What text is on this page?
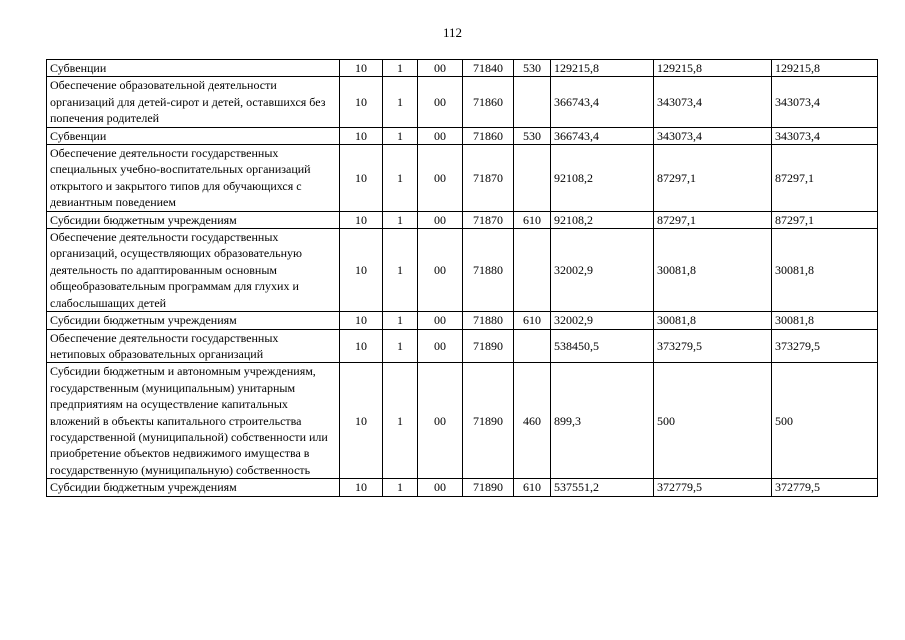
112
Субвенции	10	1	00	71840	530	129215,8	129215,8	129215,8
Обеспечение образовательной деятельности организаций для детей-сирот и детей, оставшихся без попечения родителей	10	1	00	71860		366743,4	343073,4	343073,4
Субвенции	10	1	00	71860	530	366743,4	343073,4	343073,4
Обеспечение деятельности государственных специальных учебно-воспитательных организаций открытого и закрытого типов для обучающихся с девиантным поведением	10	1	00	71870		92108,2	87297,1	87297,1
Субсидии бюджетным учреждениям	10	1	00	71870	610	92108,2	87297,1	87297,1
Обеспечение деятельности государственных организаций, осуществляющих образовательную деятельность по адаптированным основным общеобразовательным программам для глухих и слабослышащих детей	10	1	00	71880		32002,9	30081,8	30081,8
Субсидии бюджетным учреждениям	10	1	00	71880	610	32002,9	30081,8	30081,8
Обеспечение деятельности государственных нетиповых образовательных организаций	10	1	00	71890		538450,5	373279,5	373279,5
Субсидии бюджетным и автономным учреждениям, государственным (муниципальным) унитарным предприятиям на осуществление капитальных вложений в объекты капитального строительства государственной (муниципальной) собственности или приобретение объектов недвижимого имущества в государственную (муниципальную) собственность	10	1	00	71890	460	899,3	500	500
Субсидии бюджетным учреждениям	10	1	00	71890	610	537551,2	372779,5	372779,5
